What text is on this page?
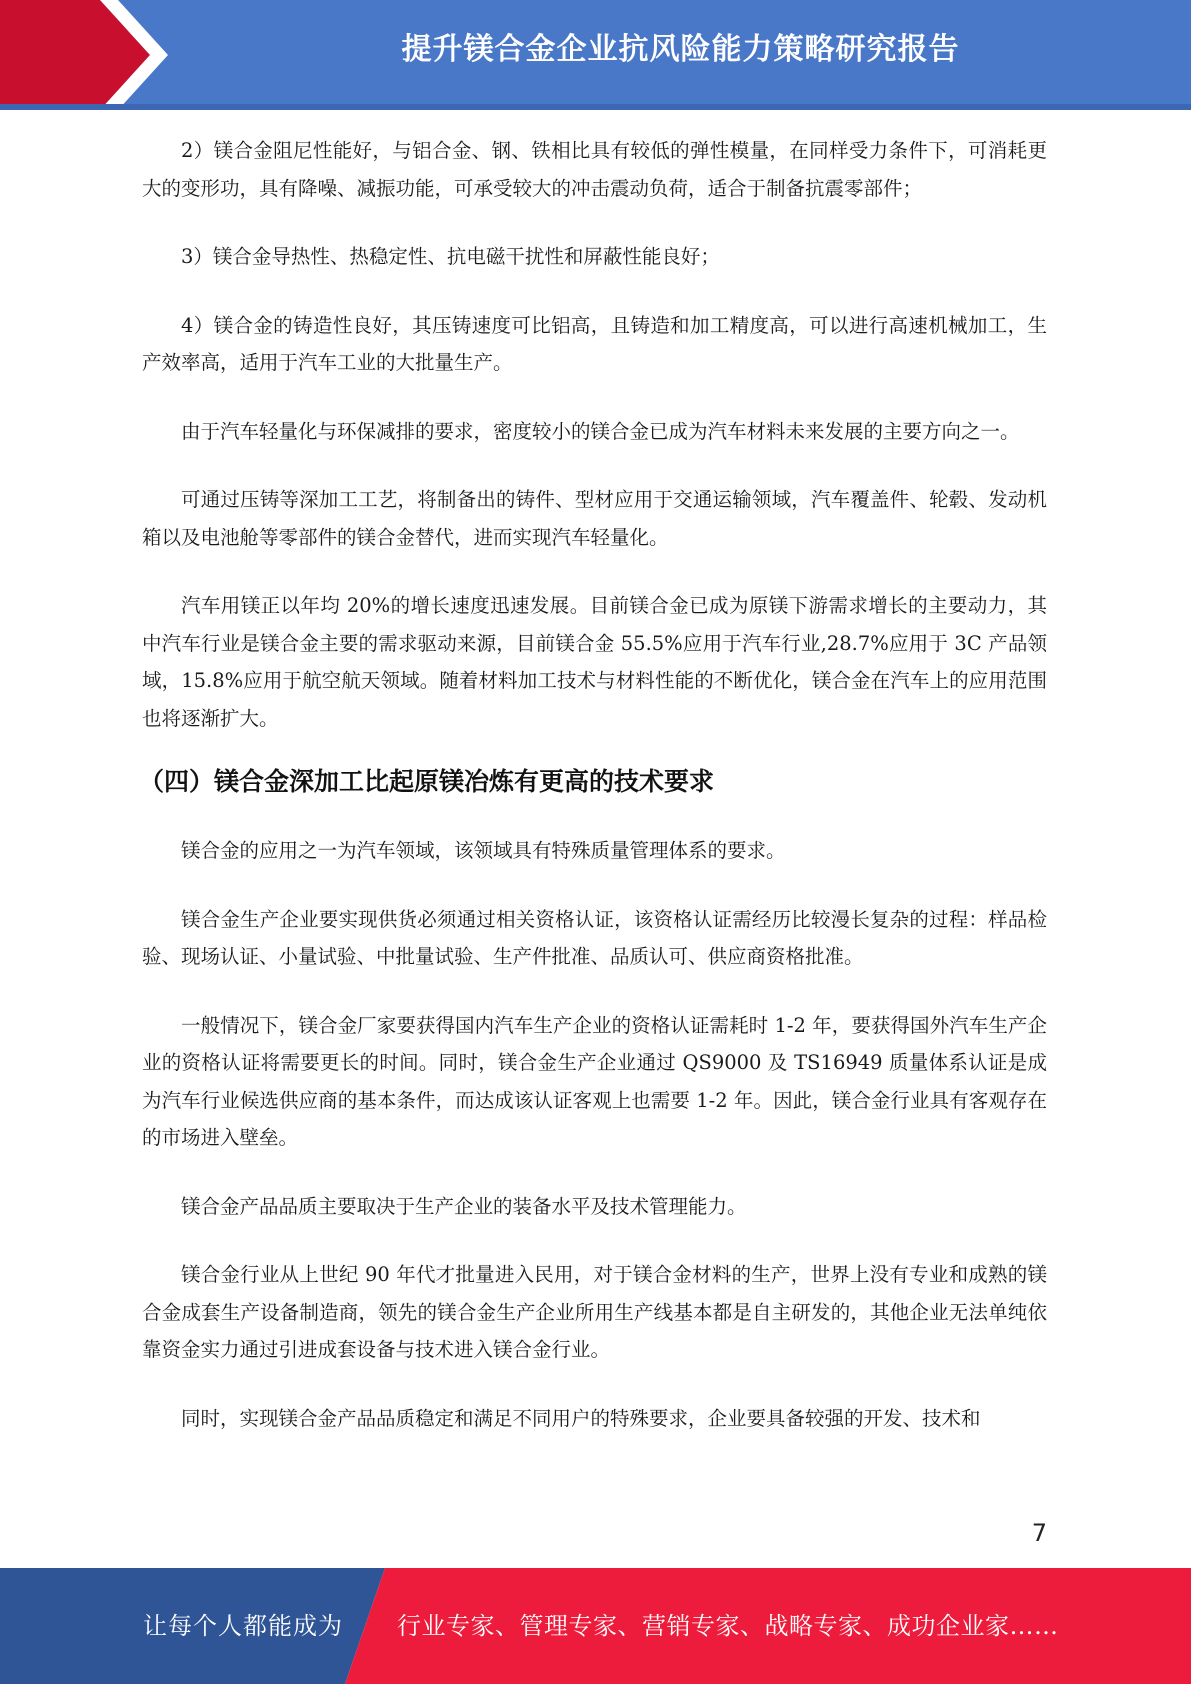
提升镁合金企业抗风险能力策略研究报告

2）镁合金阻尼性能好，与铝合金、钢、铁相比具有较低的弹性模量，在同样受力条件下，可消耗更大的变形功，具有降噪、减振功能，可承受较大的冲击震动负荷，适合于制备抗震零部件；

3）镁合金导热性、热稳定性、抗电磁干扰性和屏蔽性能良好；

4）镁合金的铸造性良好，其压铸速度可比铝高，且铸造和加工精度高，可以进行高速机械加工，生产效率高，适用于汽车工业的大批量生产。

由于汽车轻量化与环保减排的要求，密度较小的镁合金已成为汽车材料未来发展的主要方向之一。

可通过压铸等深加工工艺，将制备出的铸件、型材应用于交通运输领域，汽车覆盖件、轮毂、发动机箱以及电池舱等零部件的镁合金替代，进而实现汽车轻量化。

汽车用镁正以年均 20%的增长速度迅速发展。目前镁合金已成为原镁下游需求增长的主要动力，其中汽车行业是镁合金主要的需求驱动来源，目前镁合金 55.5%应用于汽车行业,28.7%应用于 3C 产品领域，15.8%应用于航空航天领域。随着材料加工技术与材料性能的不断优化，镁合金在汽车上的应用范围也将逐渐扩大。

（四）镁合金深加工比起原镁冶炼有更高的技术要求

镁合金的应用之一为汽车领域，该领域具有特殊质量管理体系的要求。

镁合金生产企业要实现供货必须通过相关资格认证，该资格认证需经历比较漫长复杂的过程：样品检验、现场认证、小量试验、中批量试验、生产件批准、品质认可、供应商资格批准。

一般情况下，镁合金厂家要获得国内汽车生产企业的资格认证需耗时 1-2 年，要获得国外汽车生产企业的资格认证将需要更长的时间。同时，镁合金生产企业通过 QS9000 及 TS16949 质量体系认证是成为汽车行业候选供应商的基本条件，而达成该认证客观上也需要 1-2 年。因此，镁合金行业具有客观存在的市场进入壁垒。

镁合金产品品质主要取决于生产企业的装备水平及技术管理能力。

镁合金行业从上世纪 90 年代才批量进入民用，对于镁合金材料的生产，世界上没有专业和成熟的镁合金成套生产设备制造商，领先的镁合金生产企业所用生产线基本都是自主研发的，其他企业无法单纯依靠资金实力通过引进成套设备与技术进入镁合金行业。

同时，实现镁合金产品品质稳定和满足不同用户的特殊要求，企业要具备较强的开发、技术和

7
让每个人都能成为 行业专家、管理专家、营销专家、战略专家、成功企业家……
